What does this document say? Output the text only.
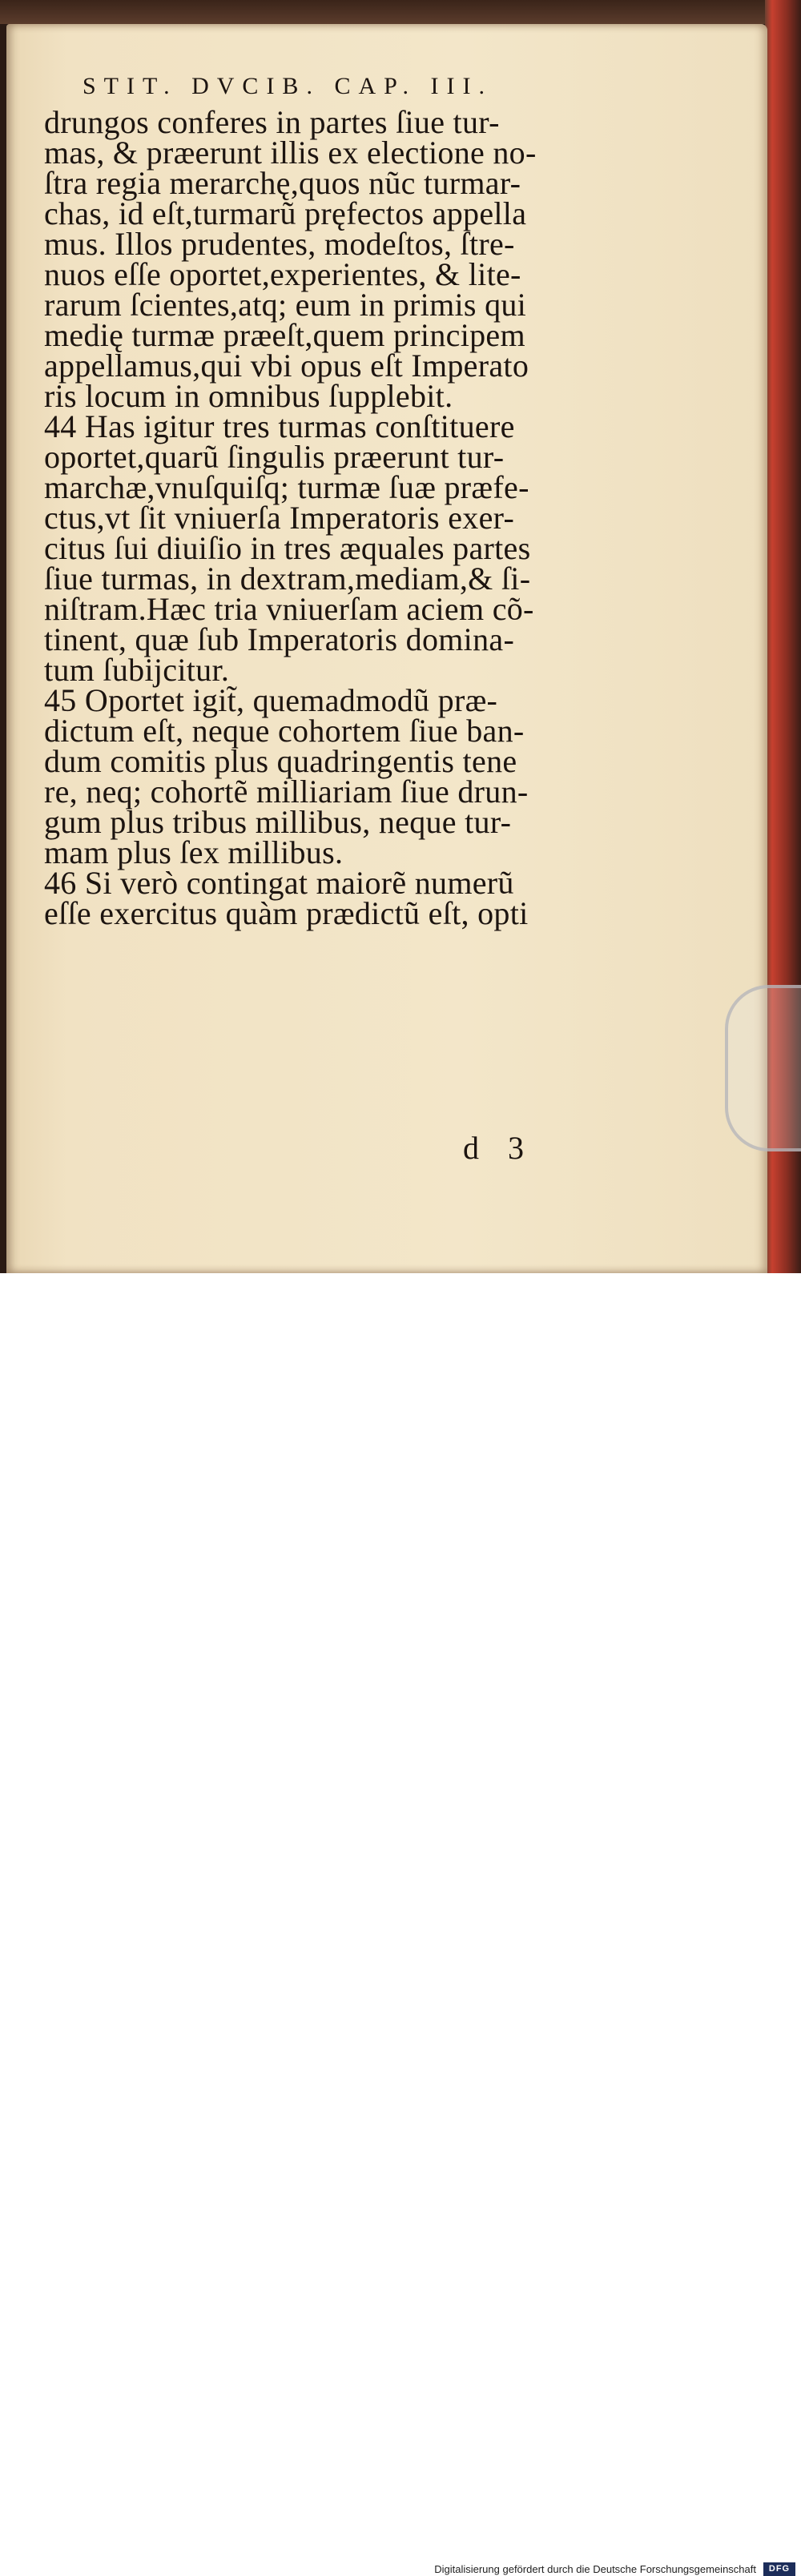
STIT. DVCIB. CAP. III.
drungos conferes in partes ſiue tur-
mas, & præerunt illis ex electione no-
ſtra regia merarchę,quos nũc turmar-
chas, id eſt,turmarũ pręfectos appella
mus. Illos prudentes, modeſtos, ſtre-
nuos eſſe oportet,experientes, & lite-
rarum ſcientes,atq; eum in primis qui
medię turmæ præeſt,quem principem
appellamus,qui vbi opus eſt Imperato
ris locum in omnibus ſupplebit.
44 Has igitur tres turmas conſtituere
oportet,quarũ ſingulis præerunt tur-
marchæ,vnuſquiſq; turmæ ſuæ præfe-
ctus,vt ſit vniuerſa Imperatoris exer-
citus ſui diuiſio in tres æquales partes
ſiue turmas, in dextram,mediam,& ſi-
niſtram.Hæc tria vniuerſam aciem cõ-
tinent, quæ ſub Imperatoris domina-
tum ſubijcitur.
45 Oportet igit̃, quemadmodũ præ-
dictum eſt, neque cohortem ſiue ban-
dum comitis plus quadringentis tene
re, neq; cohortẽ milliariam ſiue drun-
gum plus tribus millibus, neque tur-
mam plus ſex millibus.
46 Si verò contingat maiorẽ numerũ
eſſe exercitus quàm prædictũ eſt, opti
d 3
Digitalisierung gefördert durch die Deutsche Forschungsgemeinschaft	DFG
